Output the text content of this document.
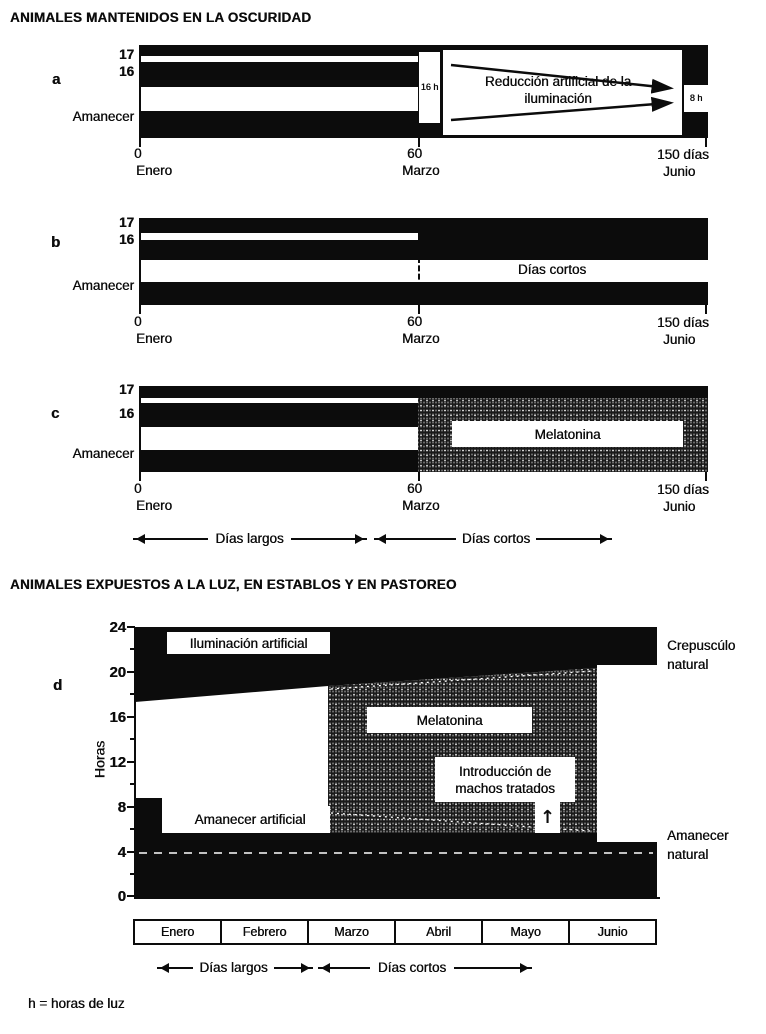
ANIMALES MANTENIDOS EN LA OSCURIDAD
17
16
a
Amanecer
16 h	Reducción artificial de la iluminación	8 h
0
Enero
60
Marzo
150 días
Junio
17
16
b
Amanecer
Días cortos
0
Enero
60
Marzo
150 días
Junio
17
16
c
Amanecer
Melatonina
0
Enero
60
Marzo
150 días
Junio
Días largos	Días cortos
ANIMALES EXPUESTOS A LA LUZ, EN ESTABLOS Y EN PASTOREO
d
Horas
24
20
16
12
8
4
0
Iluminación artificial
Amanecer artificial
Melatonina
Introducción de machos tratados
↑
Crepuscúlo natural
Amanecer natural
Enero	Febrero	Marzo	Abril	Mayo	Junio
Días largos	Días cortos
h = horas de luz
